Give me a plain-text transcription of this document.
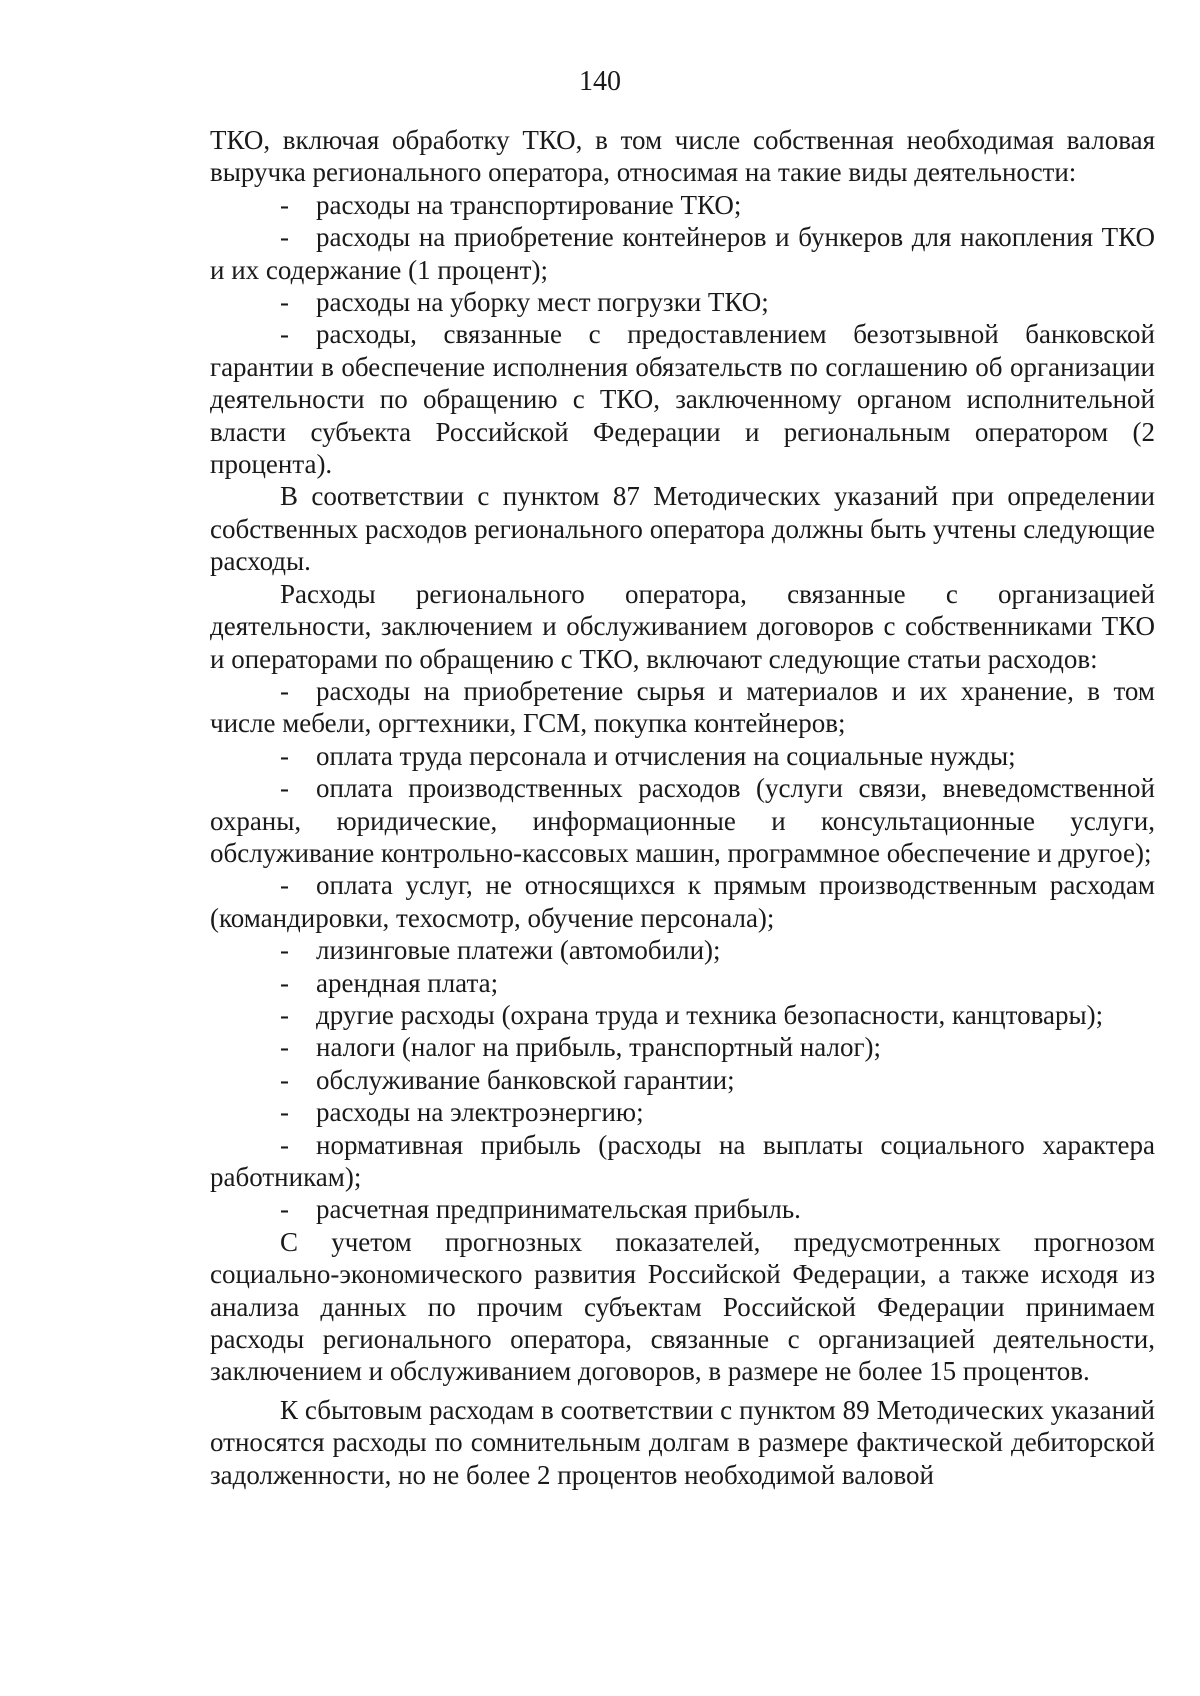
140

ТКО, включая обработку ТКО, в том числе собственная необходимая валовая выручка регионального оператора, относимая на такие виды деятельности:

- расходы на транспортирование ТКО;

- расходы на приобретение контейнеров и бункеров для накопления ТКО и их содержание (1 процент);

- расходы на уборку мест погрузки ТКО;

- расходы, связанные с предоставлением безотзывной банковской гарантии в обеспечение исполнения обязательств по соглашению об организации деятельности по обращению с ТКО, заключенному органом исполнительной власти субъекта Российской Федерации и региональным оператором (2 процента).

В соответствии с пунктом 87 Методических указаний при определении собственных расходов регионального оператора должны быть учтены следующие расходы.

Расходы регионального оператора, связанные с организацией деятельности, заключением и обслуживанием договоров с собственниками ТКО и операторами по обращению с ТКО, включают следующие статьи расходов:

- расходы на приобретение сырья и материалов и их хранение, в том числе мебели, оргтехники, ГСМ, покупка контейнеров;

- оплата труда персонала и отчисления на социальные нужды;

- оплата производственных расходов (услуги связи, вневедомственной охраны, юридические, информационные и консультационные услуги, обслуживание контрольно-кассовых машин, программное обеспечение и другое);

- оплата услуг, не относящихся к прямым производственным расходам (командировки, техосмотр, обучение персонала);

- лизинговые платежи (автомобили);

- арендная плата;

- другие расходы (охрана труда и техника безопасности, канцтовары);

- налоги (налог на прибыль, транспортный налог);

- обслуживание банковской гарантии;

- расходы на электроэнергию;

- нормативная прибыль (расходы на выплаты социального характера работникам);

- расчетная предпринимательская прибыль.

С учетом прогнозных показателей, предусмотренных прогнозом социально-экономического развития Российской Федерации, а также исходя из анализа данных по прочим субъектам Российской Федерации принимаем расходы регионального оператора, связанные с организацией деятельности, заключением и обслуживанием договоров, в размере не более 15 процентов.

К сбытовым расходам в соответствии с пунктом 89 Методических указаний относятся расходы по сомнительным долгам в размере фактической дебиторской задолженности, но не более 2 процентов необходимой валовой
